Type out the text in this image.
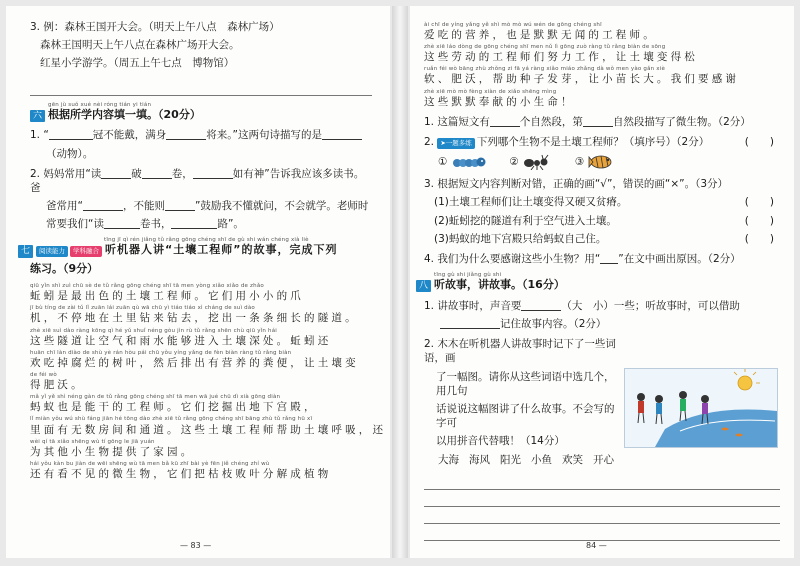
3. 例：森林王国开大会。（明天上午八点　森林广场）

森林王国明天上午八点在森林广场开大会。

红星小学游学。（周五上午七点　博物馆）

gēn jù suǒ xué nèi róng tián yi tián
六 根据所学内容填一填。（20分）

1. “	冠不能戴，满身	将来。”这两句诗描写的是

（动物）。

2. 妈妈常用“读	破	卷，	如有神”告诉我应该多读书。爸

爸常用“	，不能则	”鼓励我不懂就问，不会就学。老师时

常要我们“读	卷书，	路”。

tīng jī qì rén jiǎng tǔ rǎng gōng chéng shī de gù shi wán chéng xià liè
七 阅读能力 学科融合 听机器人讲“土壤工程师”的故事，完成下列

练习。（9分）

qiū yǐn shì zuì chū sè de tǔ rǎng gōng chéng shī tā men yòng xiǎo xiǎo de zhǎo
蚯蚓是最出色的土壤工程师。它们用小小的爪
jī bù tíng de zài tǔ lǐ zuān lái zuān qù wā chū yì tiáo tiáo xì cháng de suì dào
机，不停地在土里钻来钻去，挖出一条条细长的隧道。
zhè xiē suì dào ràng kōng qì hé yǔ shuǐ néng gòu jìn rù tǔ rǎng shēn chù qiū yǐn hái
这些隧道让空气和雨水能够进入土壤深处。蚯蚓还
huān chī làn diào de shù yè rán hòu pái chū yǒu yíng yǎng de fèn biàn ràng tǔ rǎng biàn
欢吃掉腐烂的树叶，然后排出有营养的粪便，让土壤变
de féi wò
得肥沃。
mǎ yǐ yě shì néng gàn de tǔ rǎng gōng chéng shī tā men wā jué chū dì xià gōng diàn
蚂蚁也是能干的工程师。它们挖掘出地下宫殿，
lǐ miàn yǒu wú shù fáng jiān hé tōng dào zhè xiē tǔ rǎng gōng chéng shī bāng zhù tǔ rǎng hū xī
里面有无数房间和通道。这些土壤工程师帮助土壤呼吸，还
wèi qí tā xiǎo shēng wù tí gōng le jiā yuán
为其他小生物提供了家园。
hái yǒu kàn bu jiàn de wēi shēng wù tā men bǎ kū zhī bài yè fēn jiě chéng zhí wù
还有看不见的微生物，它们把枯枝败叶分解成植物
— 83 —
ài chī de yíng yǎng yě shì mò mò wú wén de gōng chéng shī
爱吃的营养，也是默默无闻的工程师。
zhè xiē láo dòng de gōng chéng shī men nǔ lì gōng zuò ràng tǔ rǎng biàn de sōng
这些劳动的工程师们努力工作，让土壤变得松
ruǎn féi wò bāng zhù zhǒng zi fā yá ràng xiǎo miáo zhǎng dà wǒ men yào gǎn xiè
软、肥沃，帮助种子发芽，让小苗长大。我们要感谢
zhè xiē mò mò fèng xiàn de xiǎo shēng mìng
这些默默奉献的小生命！

1. 这篇短文有	个自然段，第	自然段描写了微生物。（2分）

2. ➤一题多练 下列哪个生物不是土壤工程师？（填序号）（2分）	(　　)

①	②	③

3. 根据短文内容判断对错，正确的画“√”，错误的画“×”。（3分）

(1)土壤工程师们让土壤变得又硬又贫瘠。	(　　)

(2)蚯蚓挖的隧道有利于空气进入土壤。	(　　)

(3)蚂蚁的地下宫殿只给蚂蚁自己住。	(　　)

4. 我们为什么要感谢这些小生物？用“ ”在文中画出原因。（2分）

tīng gù shi jiǎng gù shi
八 听故事，讲故事。（16分）

1. 讲故事时，声音要	（大　小）一些；听故事时，可以借助

记住故事内容。（2分）

2. 木木在听机器人讲故事时记下了一些词语，画

了一幅图。请你从这些词语中选几个，用几句

话说说这幅图讲了什么故事。不会写的字可

以用拼音代替哦！（14分）

大海 海风 阳光 小鱼 欢笑 开心
84 —
